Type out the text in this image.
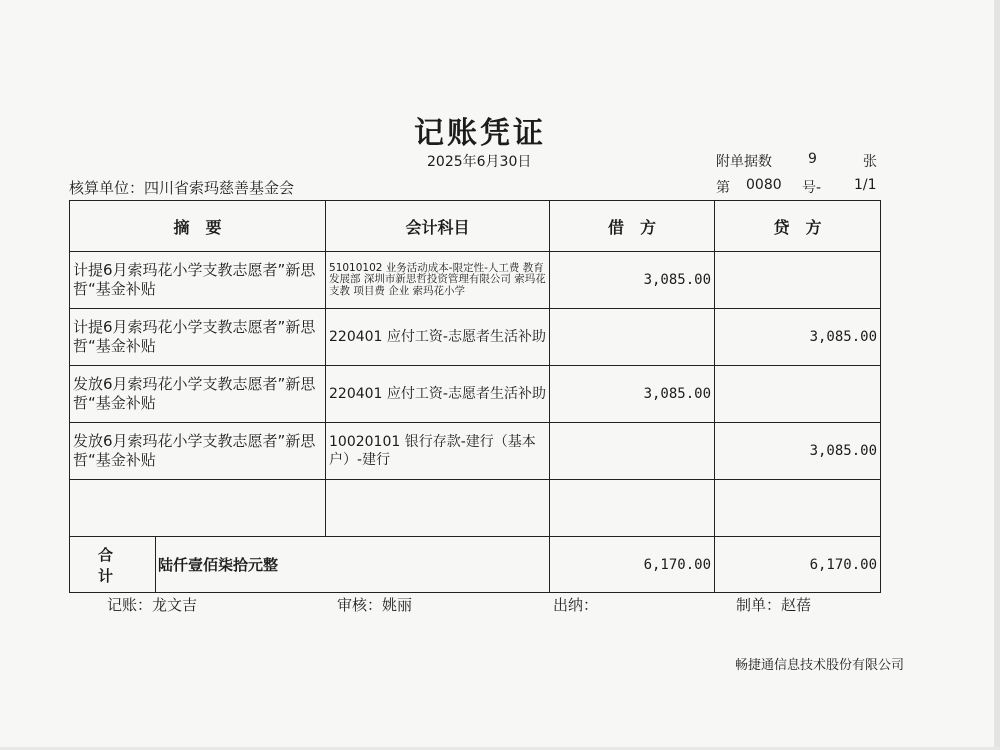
记账凭证
2025年6月30日	附单据数	9	张
核算单位：四川省索玛慈善基金会	第 0080 号- 1/1
摘　要		会计科目	借　方	贷　方
计提6月索玛花小学支教志愿者”新思哲“基金补贴		51010102 业务活动成本-限定性-人工费 教育发展部 深圳市新思哲投资管理有限公司 索玛花支教 项目费 企业 索玛花小学	3,085.00	
计提6月索玛花小学支教志愿者”新思哲“基金补贴		220401 应付工资-志愿者生活补助		3,085.00
发放6月索玛花小学支教志愿者”新思哲“基金补贴		220401 应付工资-志愿者生活补助	3,085.00	
发放6月索玛花小学支教志愿者”新思哲“基金补贴		10020101 银行存款-建行（基本户）-建行		3,085.00

合　计	陆仟壹佰柒拾元整		6,170.00	6,170.00
记账：龙文吉	审核：姚丽	出纳：	制单：赵蓓
畅捷通信息技术股份有限公司
